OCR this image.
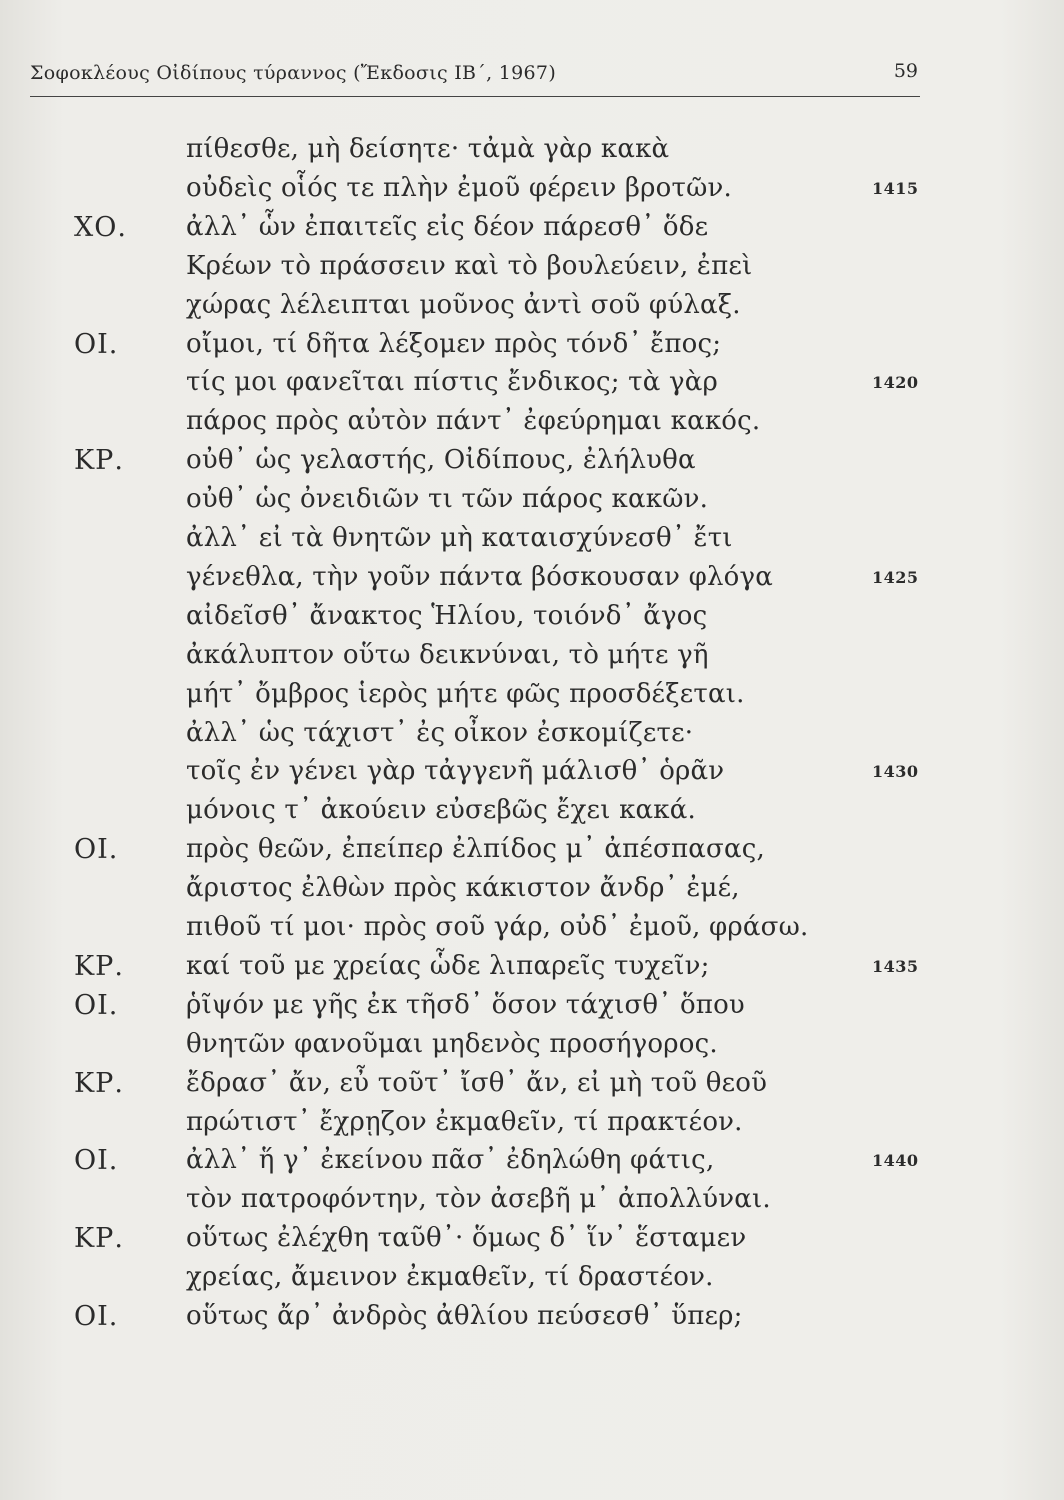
Σοφοκλέους Οἰδίπους τύραννος (Ἔκδοσις ΙΒ΄, 1967)	59
πίθεσθε, μὴ δείσητε· τἀμὰ γὰρ κακὰ
οὐδεὶς οἷός τε πλὴν ἐμοῦ φέρειν βροτῶν.	1415
ΧΟ. ἀλλ᾽ ὧν ἐπαιτεῖς εἰς δέον πάρεσθ᾽ ὅδε
Κρέων τὸ πράσσειν καὶ τὸ βουλεύειν, ἐπεὶ
χώρας λέλειπται μοῦνος ἀντὶ σοῦ φύλαξ.
ΟΙ.	οἴμοι, τί δῆτα λέξομεν πρὸς τόνδ᾽ ἔπος;
τίς μοι φανεῖται πίστις ἔνδικος; τὰ γὰρ	1420
πάρος πρὸς αὐτὸν πάντ᾽ ἐφεύρημαι κακός.
ΚΡ. οὐθ᾽ ὡς γελαστής, Οἰδίπους, ἐλήλυθα
οὐθ᾽ ὡς ὀνειδιῶν τι τῶν πάρος κακῶν.
ἀλλ᾽ εἰ τὰ θνητῶν μὴ καταισχύνεσθ᾽ ἔτι
γένεθλα, τὴν γοῦν πάντα βόσκουσαν φλόγα	1425
αἰδεῖσθ᾽ ἄνακτος Ἡλίου, τοιόνδ᾽ ἄγος
ἀκάλυπτον οὕτω δεικνύναι, τὸ μήτε γῆ
μήτ᾽ ὄμβρος ἱερὸς μήτε φῶς προσδέξεται.
ἀλλ᾽ ὡς τάχιστ᾽ ἐς οἶκον ἐσκομίζετε·
τοῖς ἐν γένει γὰρ τἀγγενῆ μάλισθ᾽ ὁρᾶν	1430
μόνοις τ᾽ ἀκούειν εὐσεβῶς ἔχει κακά.
ΟΙ.	πρὸς θεῶν, ἐπείπερ ἐλπίδος μ᾽ ἀπέσπασας,
ἄριστος ἐλθὼν πρὸς κάκιστον ἄνδρ᾽ ἐμέ,
πιθοῦ τί μοι· πρὸς σοῦ γάρ, οὐδ᾽ ἐμοῦ, φράσω.
ΚΡ. καί τοῦ με χρείας ὧδε λιπαρεῖς τυχεῖν;	1435
ΟΙ.	ῥῖψόν με γῆς ἐκ τῆσδ᾽ ὅσον τάχισθ᾽ ὅπου
θνητῶν φανοῦμαι μηδενὸς προσήγορος.
ΚΡ. ἔδρασ᾽ ἄν, εὖ τοῦτ᾽ ἴσθ᾽ ἄν, εἰ μὴ τοῦ θεοῦ
πρώτιστ᾽ ἔχρῃζον ἐκμαθεῖν, τί πρακτέον.
ΟΙ.	ἀλλ᾽ ἥ γ᾽ ἐκείνου πᾶσ᾽ ἐδηλώθη φάτις,	1440
τὸν πατροφόντην, τὸν ἀσεβῆ μ᾽ ἀπολλύναι.
ΚΡ. οὕτως ἐλέχθη ταῦθ᾽· ὅμως δ᾽ ἵν᾽ ἕσταμεν
χρείας, ἄμεινον ἐκμαθεῖν, τί δραστέον.
ΟΙ.	οὕτως ἄρ᾽ ἀνδρὸς ἀθλίου πεύσεσθ᾽ ὕπερ;
